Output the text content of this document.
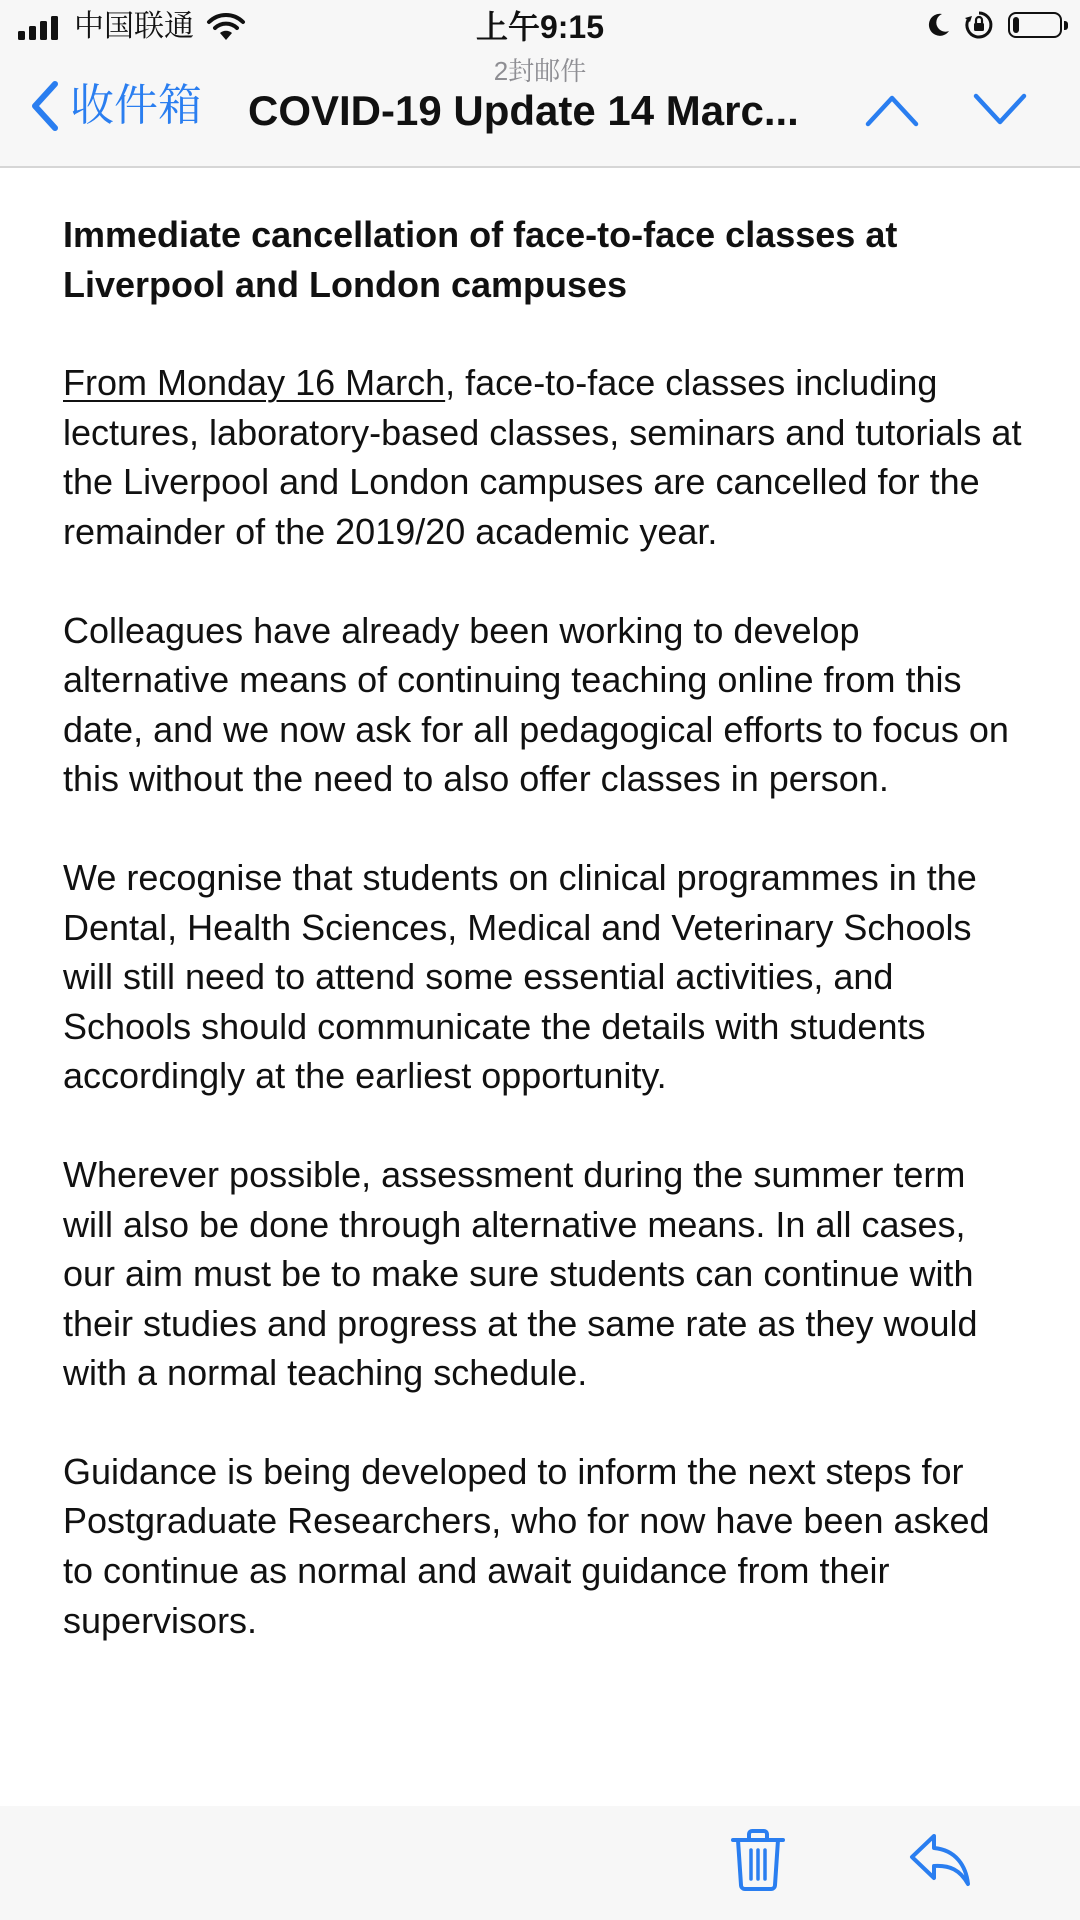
中国联通	上午9:15
2封邮件
收件箱 COVID-19 Update 14 Marc...
Immediate cancellation of face-to-face classes at Liverpool and London campuses

From Monday 16 March, face-to-face classes including lectures, laboratory-based classes, seminars and tutorials at the Liverpool and London campuses are cancelled for the remainder of the 2019/20 academic year.

Colleagues have already been working to develop alternative means of continuing teaching online from this date, and we now ask for all pedagogical efforts to focus on this without the need to also offer classes in person.

We recognise that students on clinical programmes in the Dental, Health Sciences, Medical and Veterinary Schools will still need to attend some essential activities, and Schools should communicate the details with students accordingly at the earliest opportunity.

Wherever possible, assessment during the summer term will also be done through alternative means. In all cases, our aim must be to make sure students can continue with their studies and progress at the same rate as they would with a normal teaching schedule.

Guidance is being developed to inform the next steps for Postgraduate Researchers, who for now have been asked to continue as normal and await guidance from their supervisors.
